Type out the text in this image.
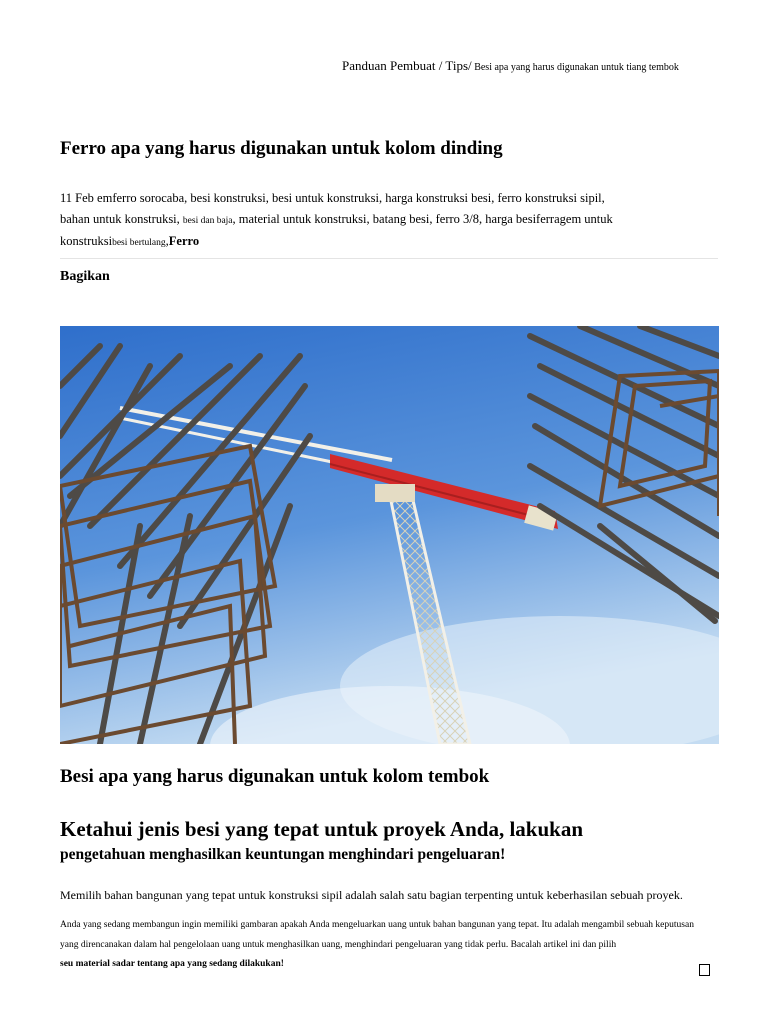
Panduan Pembuat / Tips/ Besi apa yang harus digunakan untuk tiang tembok
Ferro apa yang harus digunakan untuk kolom dinding
11 Feb emferro sorocaba, besi konstruksi, besi untuk konstruksi, harga konstruksi besi, ferro konstruksi sipil,
bahan untuk konstruksi, besi dan baja, material untuk konstruksi, batang besi, ferro 3/8, harga besiferragem untuk konstruksibesi bertulang,Ferro
Bagikan
Besi apa yang harus digunakan untuk kolom tembok
Ketahui jenis besi yang tepat untuk proyek Anda, lakukan
pengetahuan menghasilkan keuntungan menghindari pengeluaran!

Memilih bahan bangunan yang tepat untuk konstruksi sipil adalah salah satu bagian terpenting untuk keberhasilan sebuah proyek.

Anda yang sedang membangun ingin memiliki gambaran apakah Anda mengeluarkan uang untuk bahan bangunan yang tepat. Itu adalah mengambil sebuah keputusan yang direncanakan dalam hal pengelolaan uang untuk menghasilkan uang, menghindari pengeluaran yang tidak perlu. Bacalah artikel ini dan pilih
seu material sadar tentang apa yang sedang dilakukan!
